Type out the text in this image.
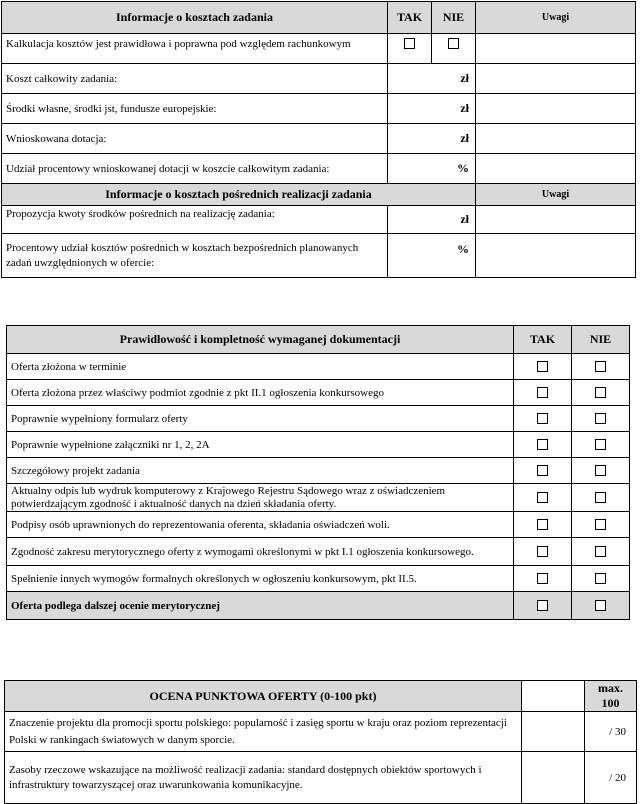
Informacje o kosztach zadania	TAK	NIE	Uwagi
Kalkulacja kosztów jest prawidłowa i poprawna pod względem rachunkowym			
Koszt całkowity zadania:	zł		
Środki własne, środki jst, fundusze europejskie:	zł		
Wnioskowana dotacja:	zł		
Udział procentowy wnioskowanej dotacji w koszcie całkowitym zadania:	%		
Informacje o kosztach pośrednich realizacji zadania			Uwagi
Propozycja kwoty środków pośrednich na realizację zadania:	zł		
Procentowy udział kosztów pośrednich w kosztach bezpośrednich planowanych zadań uwzględnionych w ofercie:	%		
Prawidłowość i kompletność wymaganej dokumentacji	TAK	NIE
Oferta złożona w terminie		
Oferta złożona przez właściwy podmiot zgodnie z pkt II.1 ogłoszenia konkursowego		
Poprawnie wypełniony formularz oferty		
Poprawnie wypełnione załączniki nr 1, 2, 2A		
Szczegółowy projekt zadania		
Aktualny odpis lub wydruk komputerowy z Krajowego Rejestru Sądowego wraz z oświadczeniem potwierdzającym zgodność i aktualność danych na dzień składania oferty.		
Podpisy osób uprawnionych do reprezentowania oferenta, składania oświadczeń woli.		
Zgodność zakresu merytorycznego oferty z wymogami określonymi w pkt I.1 ogłoszenia konkursowego.		
Spełnienie innych wymogów formalnych określonych w ogłoszeniu konkursowym, pkt II.5.		
Oferta podlega dalszej ocenie merytorycznej		
OCENA PUNKTOWA OFERTY (0-100 pkt)		max. 100
Znaczenie projektu dla promocji sportu polskiego: popularność i zasięg sportu w kraju oraz poziom reprezentacji Polski w rankingach światowych w danym sporcie.		/ 30
Zasoby rzeczowe wskazujące na możliwość realizacji zadania: standard dostępnych obiektów sportowych i infrastruktury towarzyszącej oraz uwarunkowania komunikacyjne.		/ 20
